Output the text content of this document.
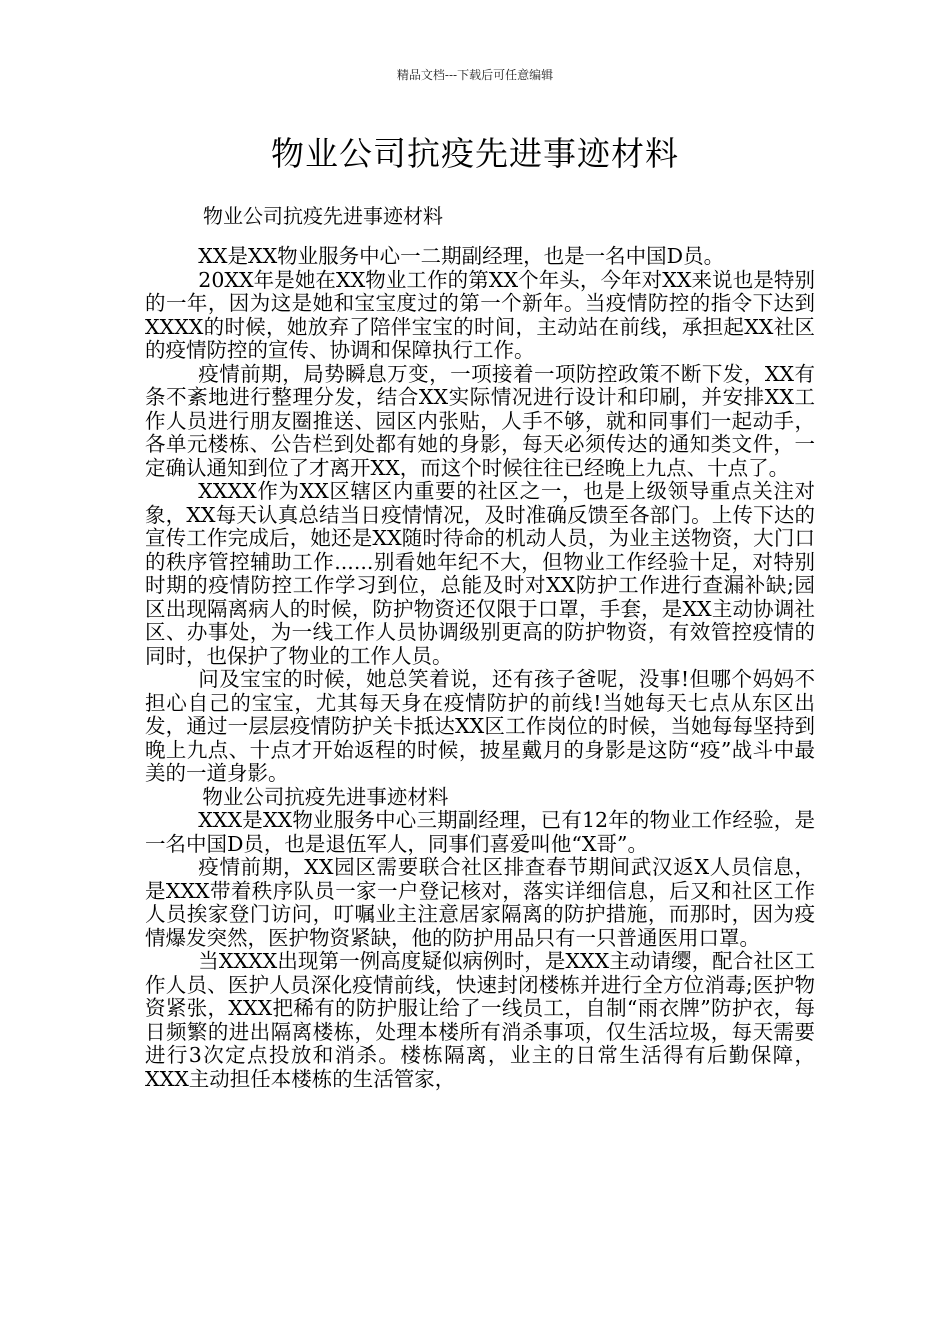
精品文档---下载后可任意编辑
物业公司抗疫先进事迹材料
物业公司抗疫先进事迹材料

XX是XX物业服务中心一二期副经理，也是一名中国D员。

20XX年是她在XX物业工作的第XX个年头，今年对XX来说也是特别的一年，因为这是她和宝宝度过的第一个新年。当疫情防控的指令下达到XXXX的时候，她放弃了陪伴宝宝的时间，主动站在前线，承担起XX社区的疫情防控的宣传、协调和保障执行工作。

疫情前期，局势瞬息万变，一项接着一项防控政策不断下发，XX有条不紊地进行整理分发，结合XX实际情况进行设计和印刷，并安排XX工作人员进行朋友圈推送、园区内张贴，人手不够，就和同事们一起动手，各单元楼栋、公告栏到处都有她的身影，每天必须传达的通知类文件，一定确认通知到位了才离开XX，而这个时候往往已经晚上九点、十点了。

XXXX作为XX区辖区内重要的社区之一，也是上级领导重点关注对象，XX每天认真总结当日疫情情况，及时准确反馈至各部门。上传下达的宣传工作完成后，她还是XX随时待命的机动人员，为业主送物资，大门口的秩序管控辅助工作......别看她年纪不大，但物业工作经验十足，对特别时期的疫情防控工作学习到位，总能及时对XX防护工作进行查漏补缺;园区出现隔离病人的时候，防护物资还仅限于口罩，手套，是XX主动协调社区、办事处，为一线工作人员协调级别更高的防护物资，有效管控疫情的同时，也保护了物业的工作人员。

问及宝宝的时候，她总笑着说，还有孩子爸呢，没事!但哪个妈妈不担心自己的宝宝，尤其每天身在疫情防护的前线!当她每天七点从东区出发，通过一层层疫情防护关卡抵达XX区工作岗位的时候，当她每每坚持到晚上九点、十点才开始返程的时候，披星戴月的身影是这防“疫”战斗中最美的一道身影。

物业公司抗疫先进事迹材料

XXX是XX物业服务中心三期副经理，已有12年的物业工作经验，是一名中国D员，也是退伍军人，同事们喜爱叫他“X哥”。

疫情前期，XX园区需要联合社区排查春节期间武汉返X人员信息，是XXX带着秩序队员一家一户登记核对，落实详细信息，后又和社区工作人员挨家登门访问，叮嘱业主注意居家隔离的防护措施，而那时，因为疫情爆发突然，医护物资紧缺，他的防护用品只有一只普通医用口罩。

当XXXX出现第一例高度疑似病例时，是XXX主动请缨，配合社区工作人员、医护人员深化疫情前线，快速封闭楼栋并进行全方位消毒;医护物资紧张，XXX把稀有的防护服让给了一线员工，自制“雨衣牌”防护衣，每日频繁的进出隔离楼栋，处理本楼所有消杀事项，仅生活垃圾，每天需要进行3次定点投放和消杀。楼栋隔离，业主的日常生活得有后勤保障，XXX主动担任本楼栋的生活管家，
